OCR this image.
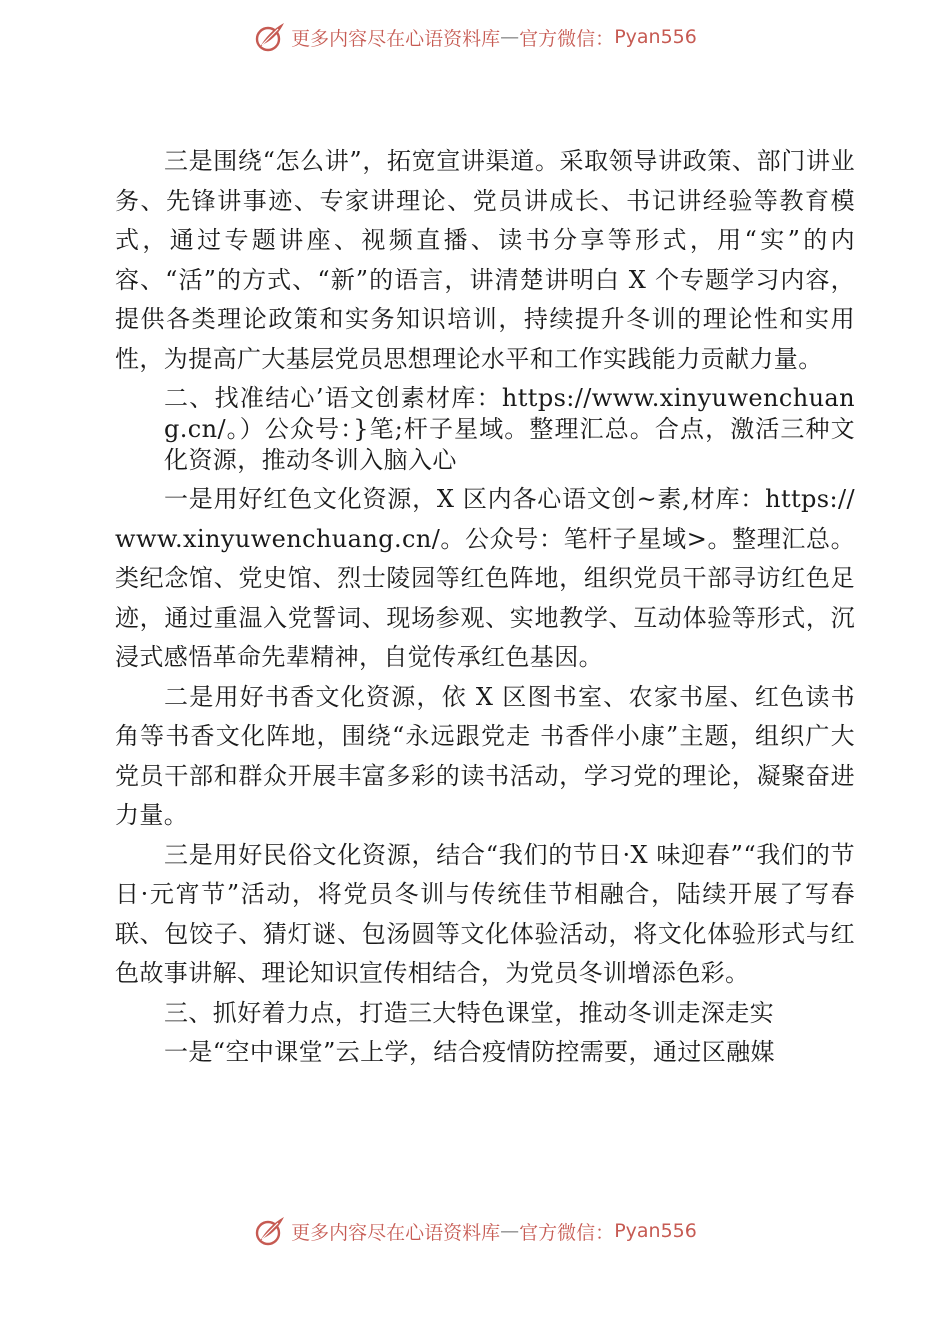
更多内容尽在心语资料库 — 官方微信： Pyan556

三是围绕“怎么讲”，拓宽宣讲渠道。采取领导讲政策、部门讲业务、先锋讲事迹、专家讲理论、党员讲成长、书记讲经验等教育模式，通过专题讲座、视频直播、读书分享等形式，用“实”的内容、“活”的方式、“新”的语言，讲清楚讲明白 X 个专题学习内容，提供各类理论政策和实务知识培训，持续提升冬训的理论性和实用性，为提高广大基层党员思想理论水平和工作实践能力贡献力量。

二、找准结心’语文创素材库：https://www.xinyuwenchuang.cn/。）公众号：}笔;杆子星域。整理汇总。合点，激活三种文化资源，推动冬训入脑入心

一是用好红色文化资源，X 区内各心语文创~素,材库：https://www.xinyuwenchuang.cn/。公众号：笔杆子星域>。整理汇总。类纪念馆、党史馆、烈士陵园等红色阵地，组织党员干部寻访红色足迹，通过重温入党誓词、现场参观、实地教学、互动体验等形式，沉浸式感悟革命先辈精神，自觉传承红色基因。

二是用好书香文化资源，依 X 区图书室、农家书屋、红色读书角等书香文化阵地，围绕“永远跟党走 书香伴小康”主题，组织广大党员干部和群众开展丰富多彩的读书活动，学习党的理论，凝聚奋进力量。

三是用好民俗文化资源，结合“我们的节日·X 味迎春”“我们的节日·元宵节”活动，将党员冬训与传统佳节相融合，陆续开展了写春联、包饺子、猜灯谜、包汤圆等文化体验活动，将文化体验形式与红色故事讲解、理论知识宣传相结合，为党员冬训增添色彩。

三、抓好着力点，打造三大特色课堂，推动冬训走深走实

一是“空中课堂”云上学，结合疫情防控需要，通过区融媒

更多内容尽在心语资料库 — 官方微信： Pyan556
